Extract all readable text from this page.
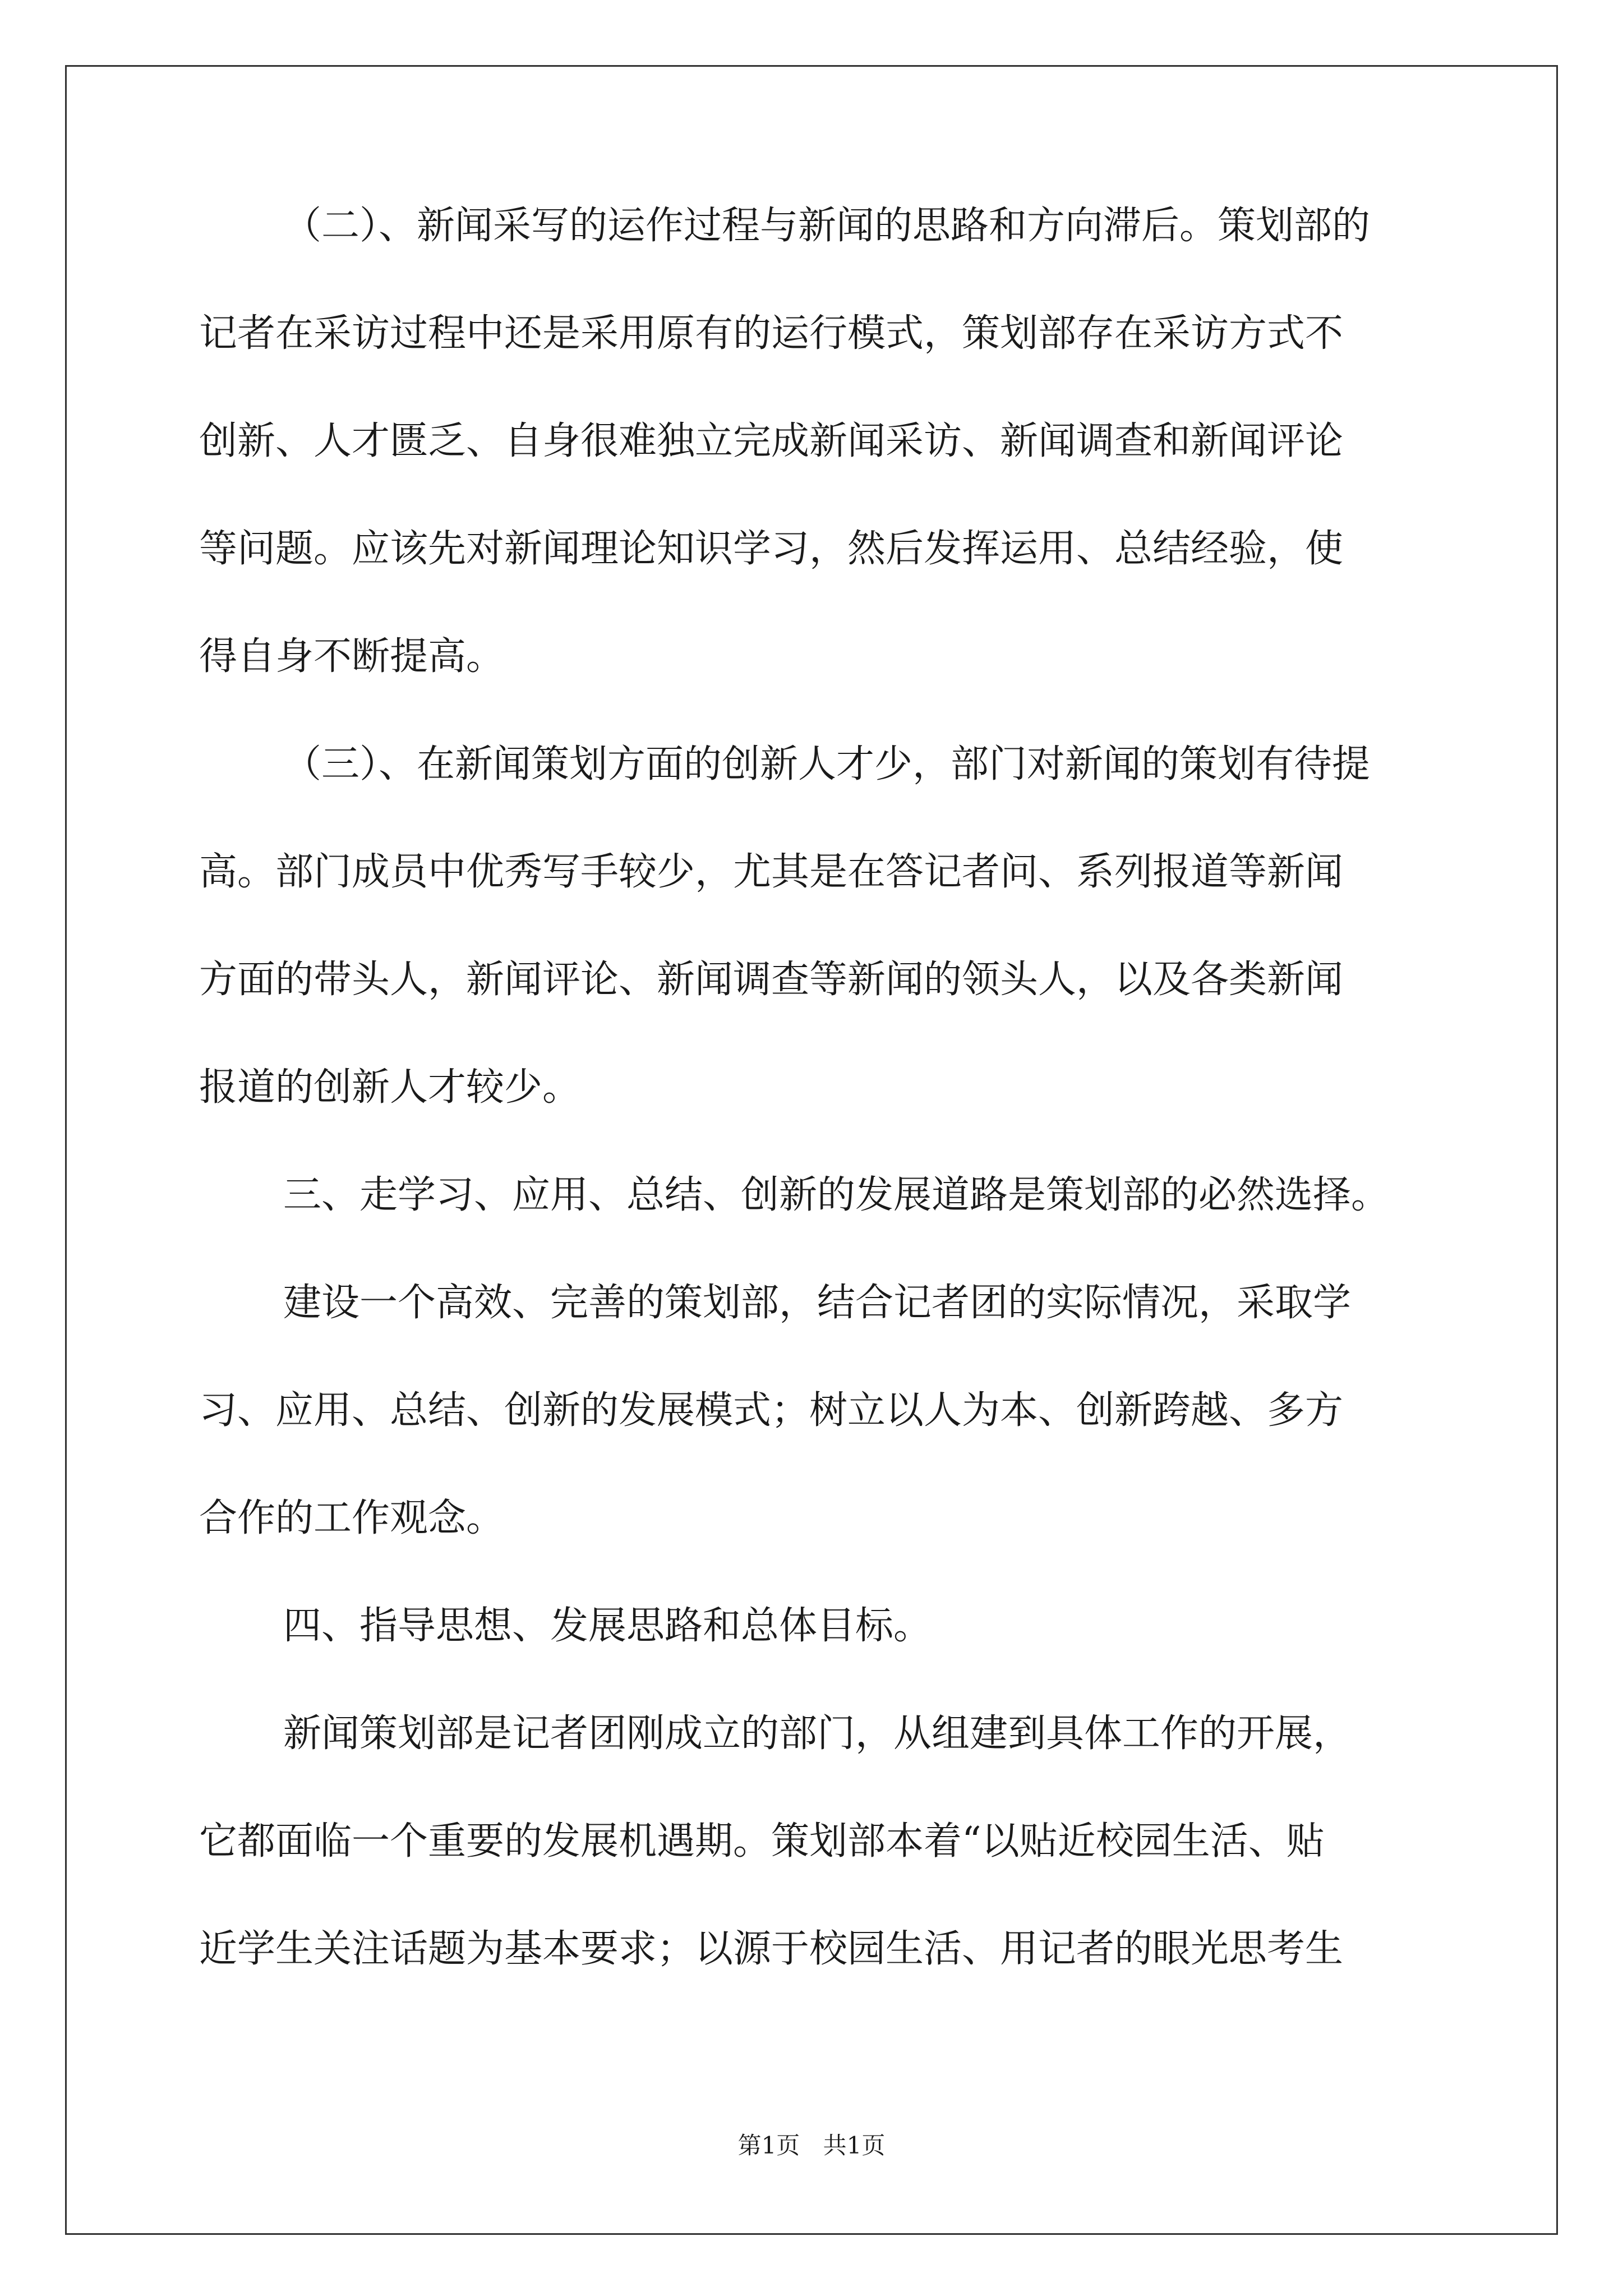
（二）、新闻采写的运作过程与新闻的思路和方向滞后。策划部的
记者在采访过程中还是采用原有的运行模式，策划部存在采访方式不
创新、人才匮乏、自身很难独立完成新闻采访、新闻调查和新闻评论
等问题。应该先对新闻理论知识学习，然后发挥运用、总结经验，使
得自身不断提高。
（三）、在新闻策划方面的创新人才少，部门对新闻的策划有待提
高。部门成员中优秀写手较少，尤其是在答记者问、系列报道等新闻
方面的带头人，新闻评论、新闻调查等新闻的领头人，以及各类新闻
报道的创新人才较少。
三、走学习、应用、总结、创新的发展道路是策划部的必然选择。
建设一个高效、完善的策划部，结合记者团的实际情况，采取学
习、应用、总结、创新的发展模式；树立以人为本、创新跨越、多方
合作的工作观念。
四、指导思想、发展思路和总体目标。
新闻策划部是记者团刚成立的部门，从组建到具体工作的开展，
它都面临一个重要的发展机遇期。策划部本着“以贴近校园生活、贴
近学生关注话题为基本要求；以源于校园生活、用记者的眼光思考生
第1页 共1页
